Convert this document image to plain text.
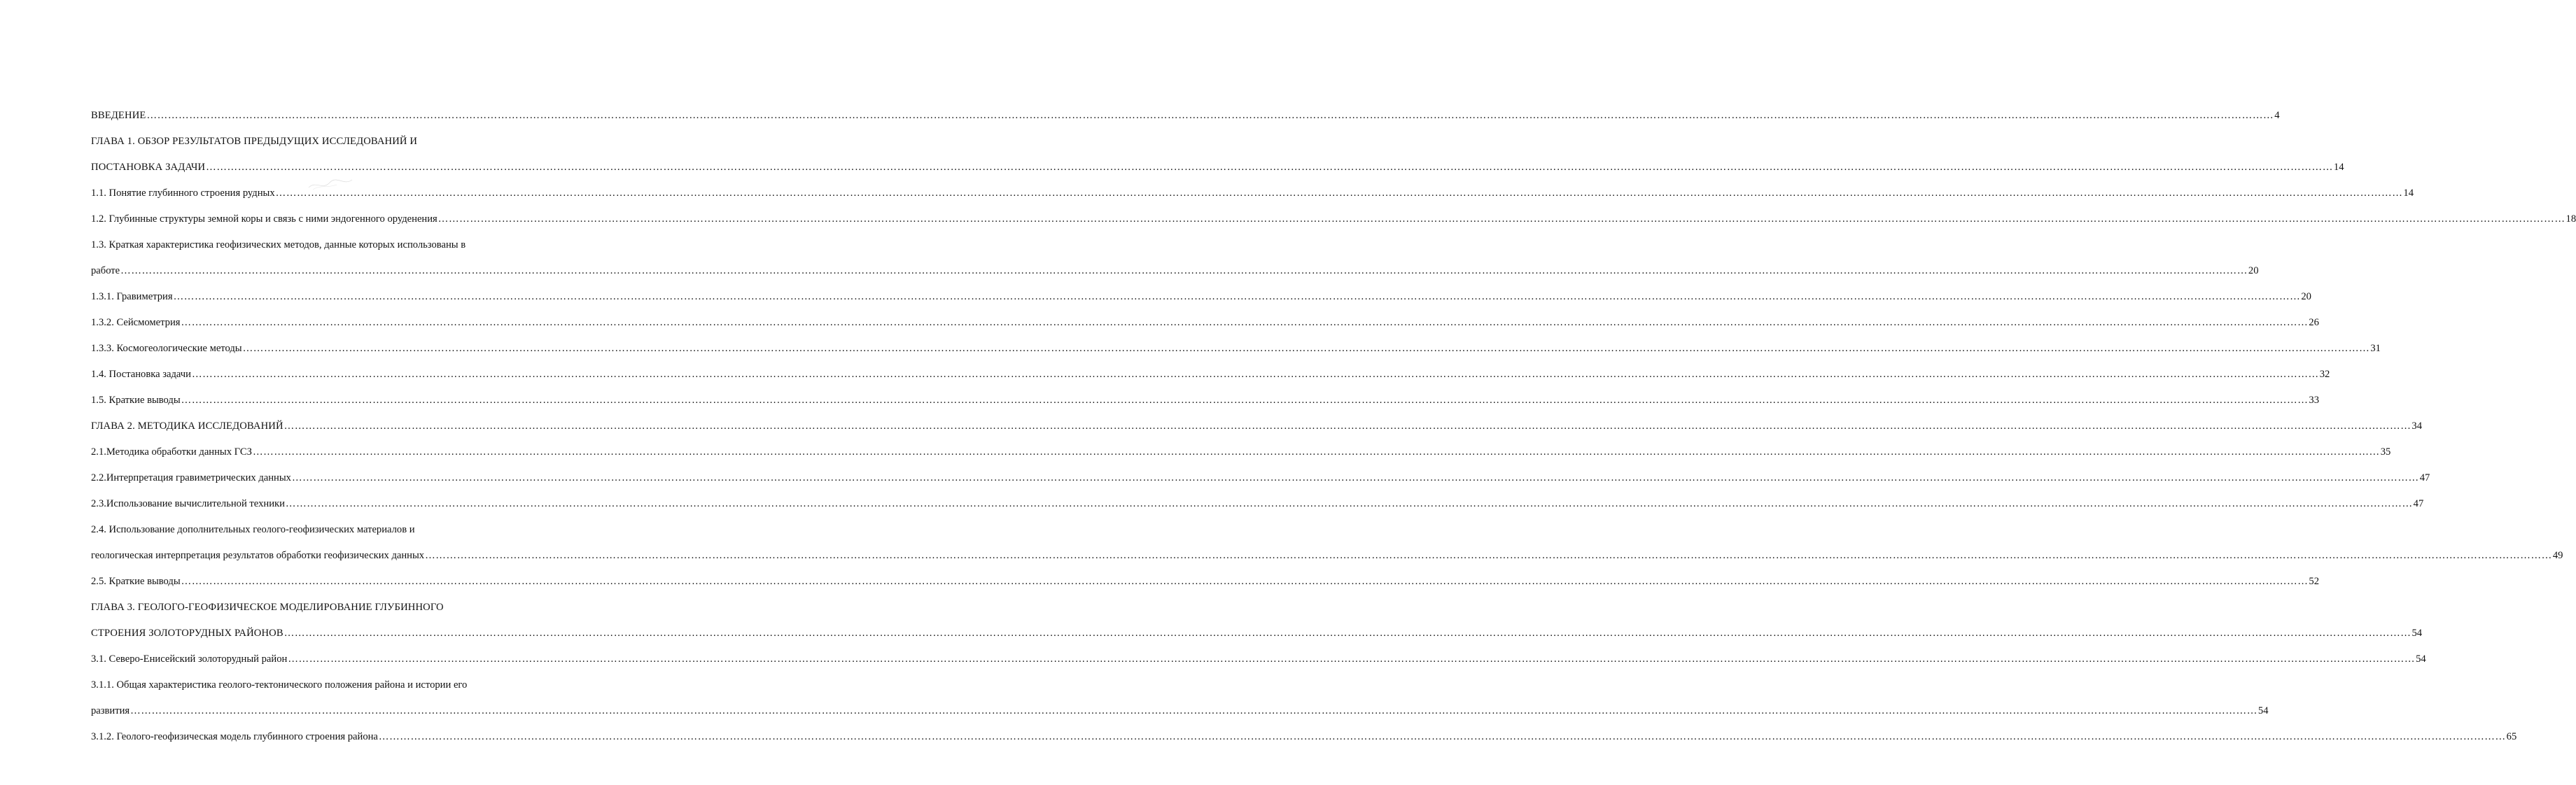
ВВЕДЕНИЕ …………………………………………………………………………………………………………………………………………………………………………………………………………………………………………………………………………………………………………………………………………………………………………………………………………………………………………………………………………………………………………………………………………………… 4
ГЛАВА 1. ОБЗОР РЕЗУЛЬТАТОВ ПРЕДЫДУЩИХ ИССЛЕДОВАНИЙ И
ПОСТАНОВКА ЗАДАЧИ …………………………………………………………………………………………………………………………………………………………………………………………………………………………………………………………………………………………………………………………………………………………………………………………………………………………………………………………………………………………………………………………………………………… 14
1.1. Понятие глубинного строения рудных …………………………………………………………………………………………………………………………………………………………………………………………………………………………………………………………………………………………………………………………………………………………………………………………………………………………………………………………………………………………………………………………………………………… 14
1.2. Глубинные структуры земной коры и связь с ними эндогенного оруденения …………………………………………………………………………………………………………………………………………………………………………………………………………………………………………………………………………………………………………………………………………………………………………………………………………………………………………………………………………………………………………………………………………………… 18
1.3. Краткая характеристика геофизических методов, данные которых использованы в
работе …………………………………………………………………………………………………………………………………………………………………………………………………………………………………………………………………………………………………………………………………………………………………………………………………………………………………………………………………………………………………………………………………………………… 20
1.3.1. Гравиметрия …………………………………………………………………………………………………………………………………………………………………………………………………………………………………………………………………………………………………………………………………………………………………………………………………………………………………………………………………………………………………………………………………………………… 20
1.3.2. Сейсмометрия …………………………………………………………………………………………………………………………………………………………………………………………………………………………………………………………………………………………………………………………………………………………………………………………………………………………………………………………………………………………………………………………………………………… 26
1.3.3. Космогеологические методы …………………………………………………………………………………………………………………………………………………………………………………………………………………………………………………………………………………………………………………………………………………………………………………………………………………………………………………………………………………………………………………………………………………… 31
1.4. Постановка задачи …………………………………………………………………………………………………………………………………………………………………………………………………………………………………………………………………………………………………………………………………………………………………………………………………………………………………………………………………………………………………………………………………………………… 32
1.5. Краткие выводы …………………………………………………………………………………………………………………………………………………………………………………………………………………………………………………………………………………………………………………………………………………………………………………………………………………………………………………………………………………………………………………………………………………… 33
ГЛАВА 2. МЕТОДИКА ИССЛЕДОВАНИЙ …………………………………………………………………………………………………………………………………………………………………………………………………………………………………………………………………………………………………………………………………………………………………………………………………………………………………………………………………………………………………………………………………………………… 34
2.1.Методика обработки данных ГСЗ …………………………………………………………………………………………………………………………………………………………………………………………………………………………………………………………………………………………………………………………………………………………………………………………………………………………………………………………………………………………………………………………………………………… 35
2.2.Интерпретация гравиметрических данных …………………………………………………………………………………………………………………………………………………………………………………………………………………………………………………………………………………………………………………………………………………………………………………………………………………………………………………………………………………………………………………………………………………… 47
2.3.Использование вычислительной техники …………………………………………………………………………………………………………………………………………………………………………………………………………………………………………………………………………………………………………………………………………………………………………………………………………………………………………………………………………………………………………………………………………………… 47
2.4. Использование дополнительных геолого-геофизических материалов и
геологическая интерпретация результатов обработки геофизических данных …………………………………………………………………………………………………………………………………………………………………………………………………………………………………………………………………………………………………………………………………………………………………………………………………………………………………………………………………………………………………………………………………………………… 49
2.5. Краткие выводы …………………………………………………………………………………………………………………………………………………………………………………………………………………………………………………………………………………………………………………………………………………………………………………………………………………………………………………………………………………………………………………………………………………… 52
ГЛАВА 3. ГЕОЛОГО-ГЕОФИЗИЧЕСКОЕ МОДЕЛИРОВАНИЕ ГЛУБИННОГО
СТРОЕНИЯ ЗОЛОТОРУДНЫХ РАЙОНОВ …………………………………………………………………………………………………………………………………………………………………………………………………………………………………………………………………………………………………………………………………………………………………………………………………………………………………………………………………………………………………………………………………………………… 54
3.1. Северо-Енисейский золоторудный район …………………………………………………………………………………………………………………………………………………………………………………………………………………………………………………………………………………………………………………………………………………………………………………………………………………………………………………………………………………………………………………………………………………… 54
3.1.1. Общая характеристика геолого-тектонического положения района и истории его
развития …………………………………………………………………………………………………………………………………………………………………………………………………………………………………………………………………………………………………………………………………………………………………………………………………………………………………………………………………………………………………………………………………………………… 54
3.1.2. Геолого-геофизическая модель глубинного строения района …………………………………………………………………………………………………………………………………………………………………………………………………………………………………………………………………………………………………………………………………………………………………………………………………………………………………………………………………………………………………………………………………………………… 65
